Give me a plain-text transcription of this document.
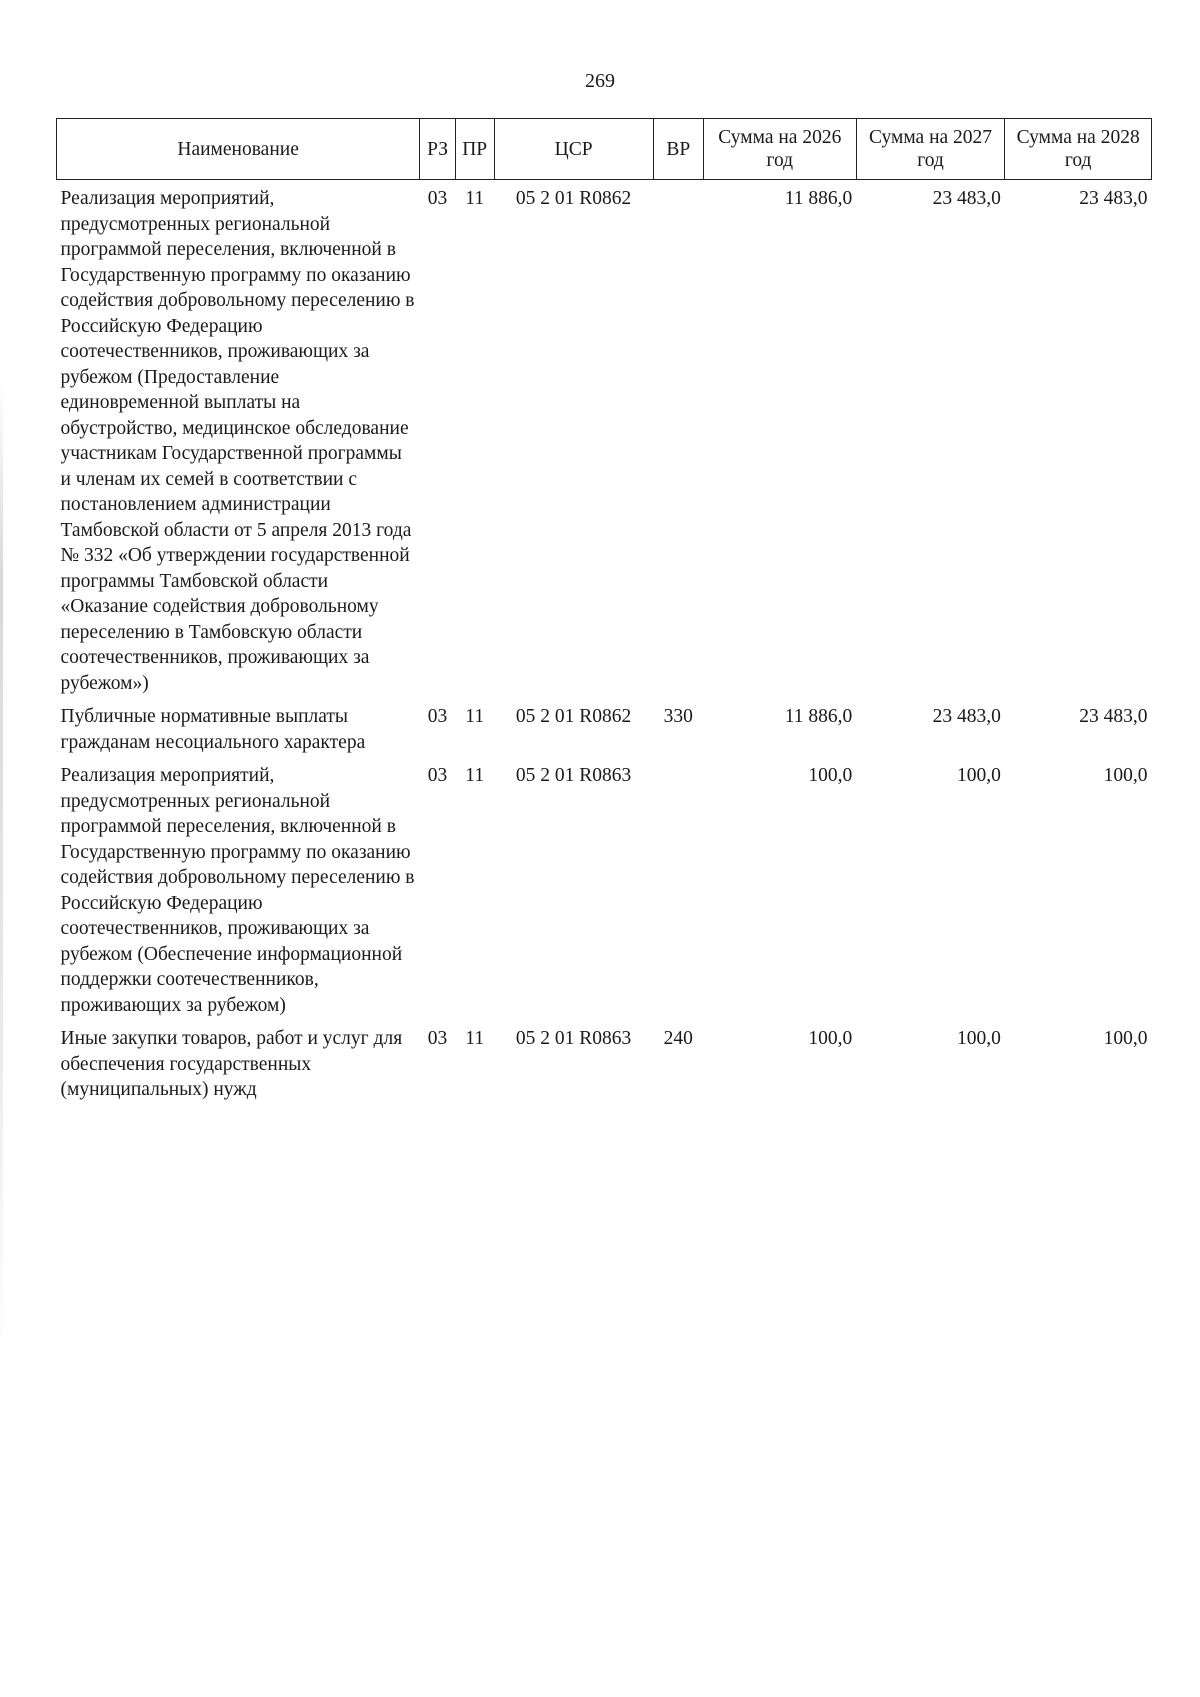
269
Наименование	РЗ	ПР	ЦСР	ВР	Сумма на 2026 год	Сумма на 2027 год	Сумма на 2028 год
Реализация мероприятий, предусмотренных региональной программой переселения, включенной в Государственную программу по оказанию содействия добровольному переселению в Российскую Федерацию соотечественников, проживающих за рубежом (Предоставление единовременной выплаты на обустройство, медицинское обследование участникам Государственной программы и членам их семей в соответствии с постановлением администрации Тамбовской области от 5 апреля 2013 года № 332 «Об утверждении государственной программы Тамбовской области «Оказание содействия добровольному переселению в Тамбовскую области соотечественников, проживающих за рубежом»)	03	11	05 2 01 R0862		11 886,0	23 483,0	23 483,0
Публичные нормативные выплаты гражданам несоциального характера	03	11	05 2 01 R0862	330	11 886,0	23 483,0	23 483,0
Реализация мероприятий, предусмотренных региональной программой переселения, включенной в Государственную программу по оказанию содействия добровольному переселению в Российскую Федерацию соотечественников, проживающих за рубежом (Обеспечение информационной поддержки соотечественников, проживающих за рубежом)	03	11	05 2 01 R0863		100,0	100,0	100,0
Иные закупки товаров, работ и услуг для обеспечения государственных (муниципальных) нужд	03	11	05 2 01 R0863	240	100,0	100,0	100,0
